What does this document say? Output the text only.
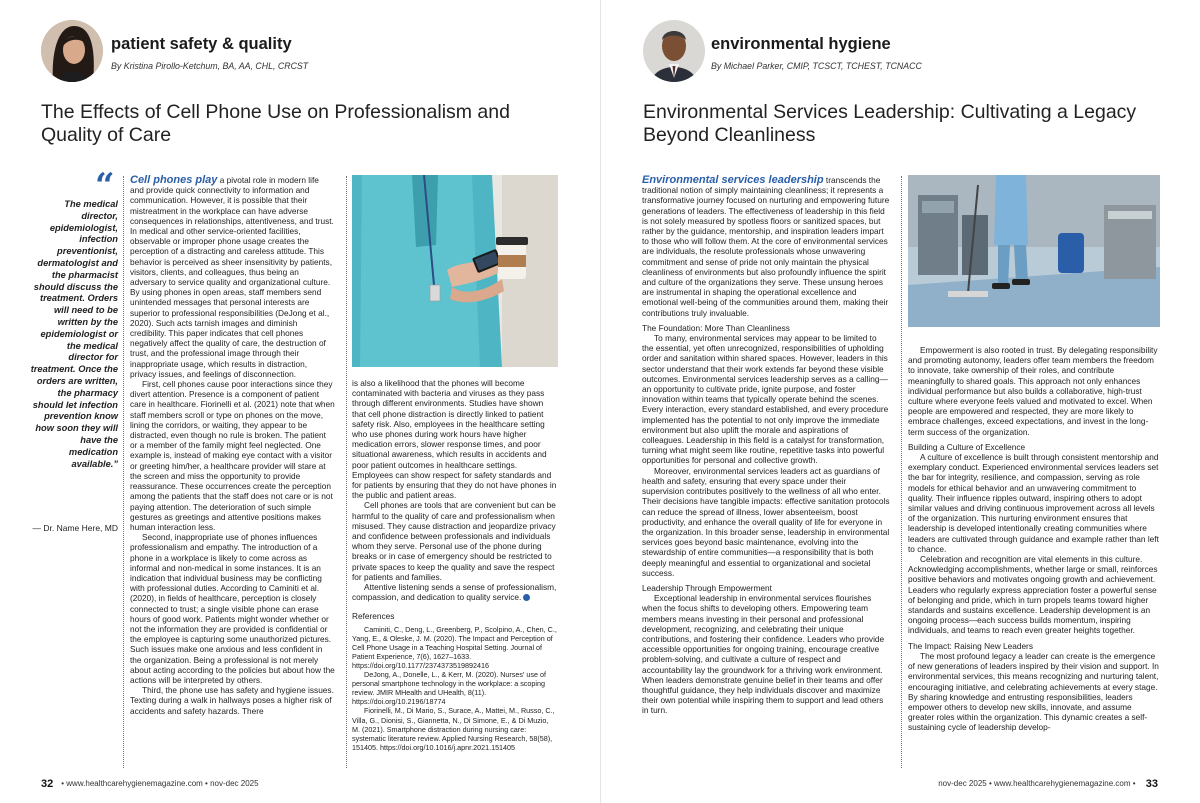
patient safety & quality
By Kristina Pirollo-Ketchum, BA, AA, CHL, CRCST
The Effects of Cell Phone Use on Professionalism and Quality of Care
“
The medical director, epidemiologist, infection preventionist, dermatologist and the pharmacist should discuss the treatment. Orders will need to be written by the epidemiologist or the medical director for treatment. Once the orders are written, the pharmacy should let infection prevention know how soon they will have the medication available.”
— Dr. Name Here, MD

Cell phones play a pivotal role in modern life and provide quick connectivity to information and communication. However, it is possible that their mistreatment in the workplace can have adverse consequences in relationships, attentiveness, and trust. In medical and other service-oriented facilities, observable or improper phone usage creates the perception of a distracting and careless attitude. This behavior is perceived as sheer insensitivity by patients, visitors, clients, and colleagues, thus being an adversary to service quality and organizational culture. By using phones in open areas, staff members send unintended messages that personal interests are superior to professional responsibilities (DeJong et al., 2020). Such acts tarnish images and diminish credibility. This paper indicates that cell phones negatively affect the quality of care, the destruction of trust, and the professional image through their inappropriate usage, which results in distraction, privacy issues, and feelings of disconnection.

First, cell phones cause poor interactions since they divert attention. Presence is a component of patient care in healthcare. Fiorinelli et al. (2021) note that when staff members scroll or type on phones on the move, lining the corridors, or waiting, they appear to be distracted, even though no rule is broken. The patient or a member of the family might feel neglected. One example is, instead of making eye contact with a visitor or greeting him/her, a healthcare provider will stare at the screen and miss the opportunity to provide reassurance. These occurrences create the perception among the patients that the staff does not care or is not paying attention. The deterioration of such simple gestures as greetings and attentive positions makes human interaction less.

Second, inappropriate use of phones influences professionalism and empathy. The introduction of a phone in a workplace is likely to come across as informal and non-medical in some instances. It is an indication that individual business may be conflicting with professional duties. According to Caminiti et al. (2020), in fields of healthcare, perception is closely connected to trust; a single visible phone can erase hours of good work. Patients might wonder whether or not the information they are provided is confidential or the employee is capturing some unauthorized pictures. Such issues make one anxious and less confident in the organization. Being a professional is not merely about acting according to the policies but about how the actions will be interpreted by others.

Third, the phone use has safety and hygiene issues. Texting during a walk in hallways poses a higher risk of accidents and safety hazards. There

is also a likelihood that the phones will become contaminated with bacteria and viruses as they pass through different environments. Studies have shown that cell phone distraction is directly linked to patient safety risk. Also, employees in the healthcare setting who use phones during work hours have higher medication errors, slower response times, and poor situational awareness, which results in accidents and poor patient outcomes in healthcare settings. Employees can show respect for safety standards and for patients by ensuring that they do not have phones in the public and patient areas.

Cell phones are tools that are convenient but can be harmful to the quality of care and professionalism when misused. They cause distraction and jeopardize privacy and confidence between professionals and individuals whom they serve. Personal use of the phone during breaks or in case of emergency should be restricted to private spaces to keep the quality and save the respect for patients and families.

Attentive listening sends a sense of professionalism, compassion, and dedication to quality service.

References

Caminiti, C., Deng, L., Greenberg, P., Scolpino, A., Chen, C., Yang, E., & Oleske, J. M. (2020). The Impact and Perception of Cell Phone Usage in a Teaching Hospital Setting. Journal of Patient Experience, 7(6), 1627–1633. https://doi.org/10.1177/2374373519892416

DeJong, A., Donelle, L., & Kerr, M. (2020). Nurses' use of personal smartphone technology in the workplace: a scoping review. JMIR MHealth and UHealth, 8(11). https://doi.org/10.2196/18774

Fiorinelli, M., Di Mario, S., Surace, A., Mattei, M., Russo, C., Villa, G., Dionisi, S., Giannetta, N., Di Simone, E., & Di Muzio, M. (2021). Smartphone distraction during nursing care: systematic literature review. Applied Nursing Research, 58(58), 151405. https://doi.org/10.1016/j.apnr.2021.151405

32 • www.healthcarehygienemagazine.com • nov-dec 2025
environmental hygiene
By Michael Parker, CMIP, TCSCT, TCHEST, TCNACC
Environmental Services Leadership: Cultivating a Legacy Beyond Cleanliness

Environmental services leadership transcends the traditional notion of simply maintaining cleanliness; it represents a transformative journey focused on nurturing and empowering future generations of leaders. The effectiveness of leadership in this field is not solely measured by spotless floors or sanitized spaces, but rather by the guidance, mentorship, and inspiration leaders impart to those who will follow them. At the core of environmental services are individuals, the resolute professionals whose unwavering commitment and sense of pride not only maintain the physical cleanliness of environments but also profoundly influence the spirit and culture of the organizations they serve. These unsung heroes are instrumental in shaping the operational excellence and emotional well-being of the communities around them, making their contributions truly invaluable.

The Foundation: More Than Cleanliness

To many, environmental services may appear to be limited to the essential, yet often unrecognized, responsibilities of upholding order and sanitation within shared spaces. However, leaders in this sector understand that their work extends far beyond these visible outcomes. Environmental services leadership serves as a calling—an opportunity to cultivate pride, ignite purpose, and foster innovation within teams that typically operate behind the scenes. Every interaction, every standard established, and every procedure implemented has the potential to not only improve the immediate environment but also uplift the morale and aspirations of colleagues. Leadership in this field is a catalyst for transformation, turning what might seem like routine, repetitive tasks into powerful opportunities for personal and collective growth.

Moreover, environmental services leaders act as guardians of health and safety, ensuring that every space under their supervision contributes positively to the wellness of all who enter. Their decisions have tangible impacts: effective sanitation protocols can reduce the spread of illness, lower absenteeism, boost productivity, and enhance the overall quality of life for everyone in the organization. In this broader sense, leadership in environmental services goes beyond basic maintenance, evolving into the stewardship of entire communities—a responsibility that is both deeply meaningful and essential to organizational and societal success.

Leadership Through Empowerment

Exceptional leadership in environmental services flourishes when the focus shifts to developing others. Empowering team members means investing in their personal and professional development, recognizing, and celebrating their unique contributions, and fostering their confidence. Leaders who provide accessible opportunities for ongoing training, encourage creative problem-solving, and cultivate a culture of respect and accountability lay the groundwork for a thriving work environment. When leaders demonstrate genuine belief in their teams and offer thoughtful guidance, they help individuals discover and maximize their own potential while inspiring them to support and lead others in turn.

Empowerment is also rooted in trust. By delegating responsibility and promoting autonomy, leaders offer team members the freedom to innovate, take ownership of their roles, and contribute meaningfully to shared goals. This approach not only enhances individual performance but also builds a collaborative, high-trust culture where everyone feels valued and motivated to excel. When people are empowered and respected, they are more likely to embrace challenges, exceed expectations, and invest in the long-term success of the organization.

Building a Culture of Excellence

A culture of excellence is built through consistent mentorship and exemplary conduct. Experienced environmental services leaders set the bar for integrity, resilience, and compassion, serving as role models for ethical behavior and an unwavering commitment to quality. Their influence ripples outward, inspiring others to adopt similar values and driving continuous improvement across all levels of the organization. This nurturing environment ensures that leadership is developed intentionally creating communities where leaders are cultivated through guidance and example rather than left to chance.

Celebration and recognition are vital elements in this culture. Acknowledging accomplishments, whether large or small, reinforces positive behaviors and motivates ongoing growth and achievement. Leaders who regularly express appreciation foster a powerful sense of belonging and pride, which in turn propels teams toward higher standards and sustains excellence. Leadership development is an ongoing process—each success builds momentum, inspiring individuals, and teams to reach even greater heights together.

The Impact: Raising New Leaders

The most profound legacy a leader can create is the emergence of new generations of leaders inspired by their vision and support. In environmental services, this means recognizing and nurturing talent, encouraging initiative, and celebrating achievements at every stage. By sharing knowledge and entrusting responsibilities, leaders empower others to develop new skills, innovate, and assume greater roles within the organization. This dynamic creates a self-sustaining cycle of leadership develop-

nov-dec 2025 • www.healthcarehygienemagazine.com • 33
